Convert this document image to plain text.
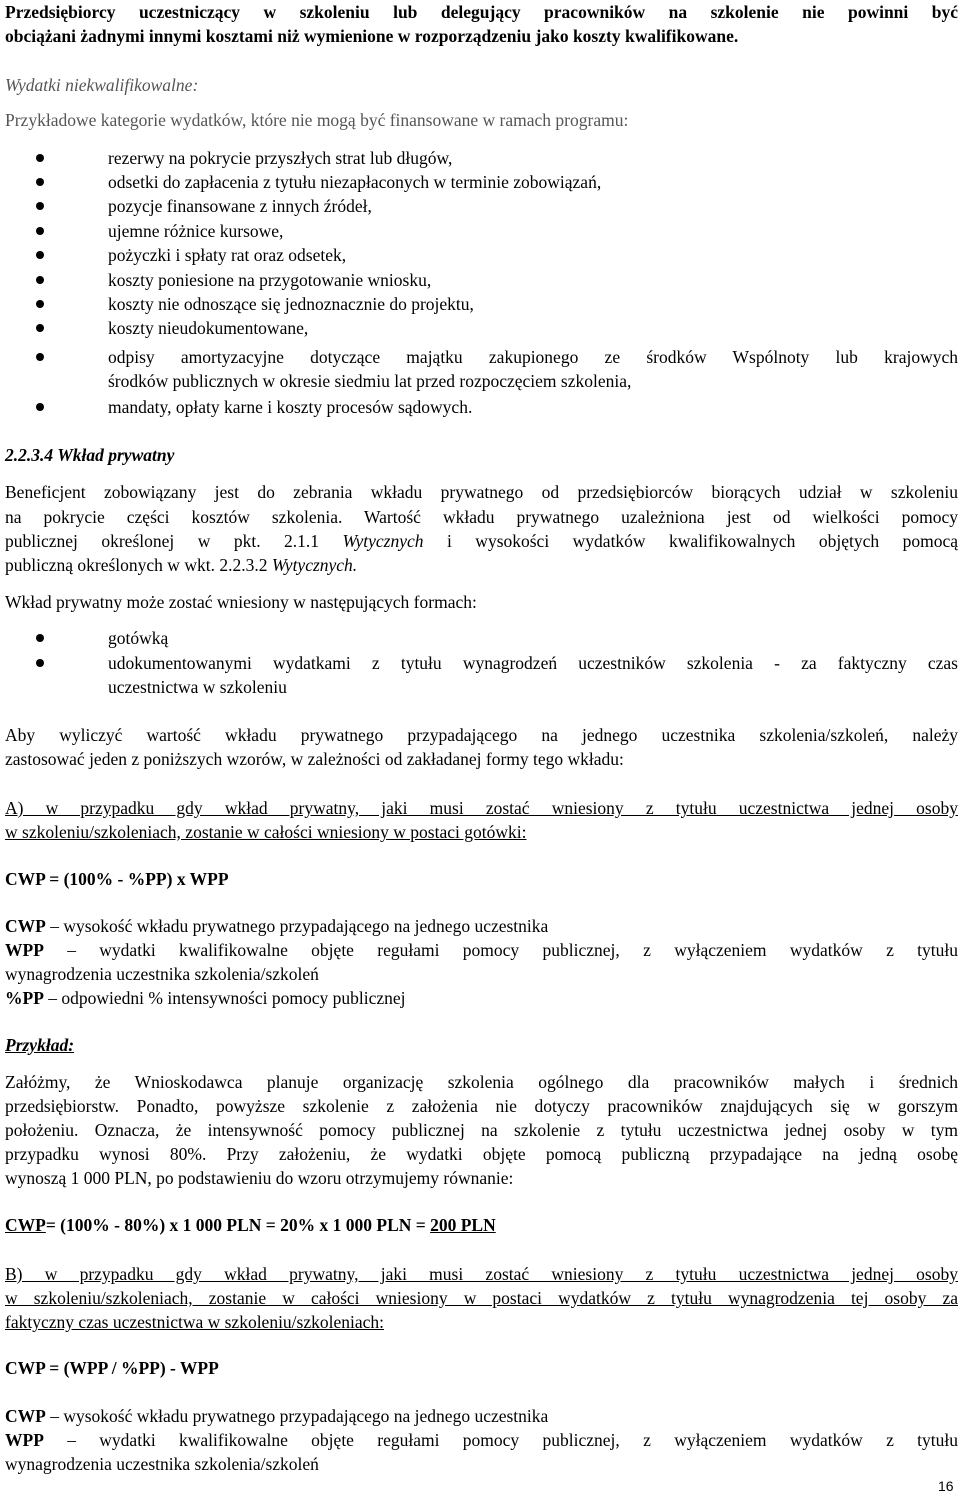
Przedsiębiorcy uczestniczący w szkoleniu lub delegujący pracowników na szkolenie nie powinni być
obciążani żadnymi innymi kosztami niż wymienione w rozporządzeniu jako koszty kwalifikowane.
Wydatki niekwalifikowalne:
Przykładowe kategorie wydatków, które nie mogą być finansowane w ramach programu:
rezerwy na pokrycie przyszłych strat lub długów,
odsetki do zapłacenia z tytułu niezapłaconych w terminie zobowiązań,
pozycje finansowane z innych źródeł,
ujemne różnice kursowe,
pożyczki i spłaty rat oraz odsetek,
koszty poniesione na przygotowanie wniosku,
koszty nie odnoszące się jednoznacznie do projektu,
koszty nieudokumentowane,
odpisy amortyzacyjne dotyczące majątku zakupionego ze środków Wspólnoty lub krajowych
środków publicznych w okresie siedmiu lat przed rozpoczęciem szkolenia,
mandaty, opłaty karne i koszty procesów sądowych.
2.2.3.4 Wkład prywatny
Beneficjent zobowiązany jest do zebrania wkładu prywatnego od przedsiębiorców biorących udział w szkoleniu
na pokrycie części kosztów szkolenia. Wartość wkładu prywatnego uzależniona jest od wielkości pomocy
publicznej określonej w pkt. 2.1.1 Wytycznych i wysokości wydatków kwalifikowalnych objętych pomocą
publiczną określonych w wkt. 2.2.3.2 Wytycznych.
Wkład prywatny może zostać wniesiony w następujących formach:
gotówką
udokumentowanymi wydatkami z tytułu wynagrodzeń uczestników szkolenia - za faktyczny czas
uczestnictwa w szkoleniu
Aby wyliczyć wartość wkładu prywatnego przypadającego na jednego uczestnika szkolenia/szkoleń, należy
zastosować jeden z poniższych wzorów, w zależności od zakładanej formy tego wkładu:
A) w przypadku gdy wkład prywatny, jaki musi zostać wniesiony z tytułu uczestnictwa jednej osoby
w szkoleniu/szkoleniach, zostanie w całości wniesiony w postaci gotówki:
CWP = (100% - %PP) x WPP
CWP – wysokość wkładu prywatnego przypadającego na jednego uczestnika
WPP – wydatki kwalifikowalne objęte regułami pomocy publicznej, z wyłączeniem wydatków z tytułu
wynagrodzenia uczestnika szkolenia/szkoleń
%PP – odpowiedni % intensywności pomocy publicznej
Przykład:
Załóżmy, że Wnioskodawca planuje organizację szkolenia ogólnego dla pracowników małych i średnich
przedsiębiorstw. Ponadto, powyższe szkolenie z założenia nie dotyczy pracowników znajdujących się w gorszym
położeniu. Oznacza, że intensywność pomocy publicznej na szkolenie z tytułu uczestnictwa jednej osoby w tym
przypadku wynosi 80%. Przy założeniu, że wydatki objęte pomocą publiczną przypadające na jedną osobę
wynoszą 1 000 PLN, po podstawieniu do wzoru otrzymujemy równanie:
CWP= (100% - 80%) x 1 000 PLN = 20% x 1 000 PLN = 200 PLN
B) w przypadku gdy wkład prywatny, jaki musi zostać wniesiony z tytułu uczestnictwa jednej osoby
w szkoleniu/szkoleniach, zostanie w całości wniesiony w postaci wydatków z tytułu wynagrodzenia tej osoby za
faktyczny czas uczestnictwa w szkoleniu/szkoleniach:
CWP = (WPP / %PP) - WPP
CWP – wysokość wkładu prywatnego przypadającego na jednego uczestnika
WPP – wydatki kwalifikowalne objęte regułami pomocy publicznej, z wyłączeniem wydatków z tytułu
wynagrodzenia uczestnika szkolenia/szkoleń
16
